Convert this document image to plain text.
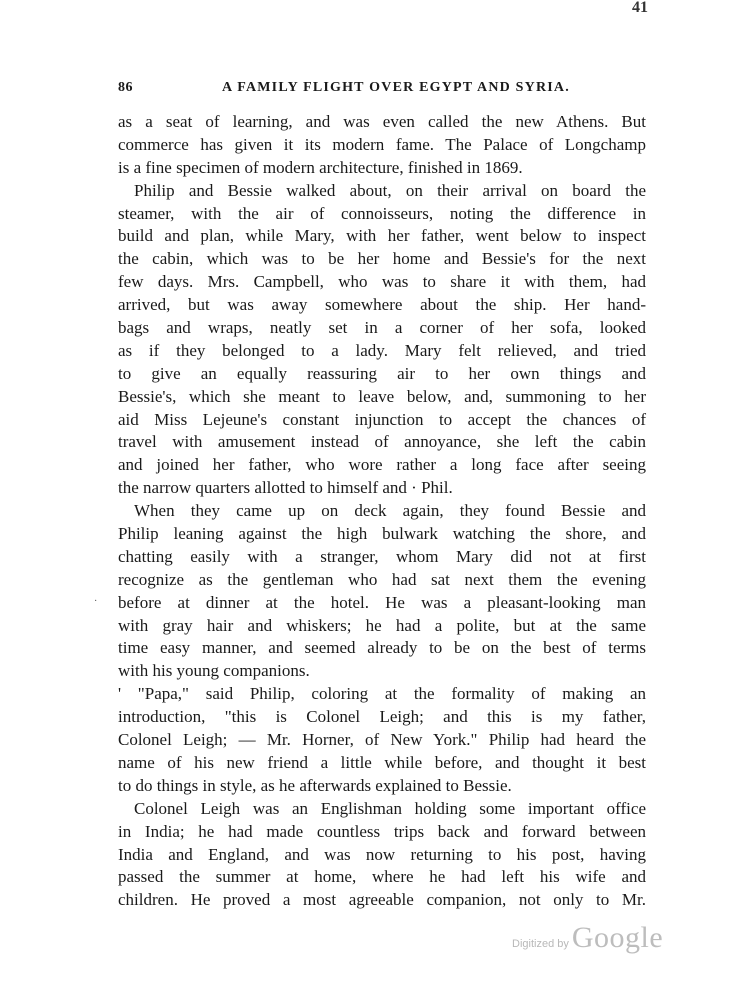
41
86	A FAMILY FLIGHT OVER EGYPT AND SYRIA.
·
as a seat of learning, and was even called the new Athens. But
commerce has given it its modern fame. The Palace of Longchamp
is a fine specimen of modern architecture, finished in 1869.
Philip and Bessie walked about, on their arrival on board the
steamer, with the air of connoisseurs, noting the difference in
build and plan, while Mary, with her father, went below to inspect
the cabin, which was to be her home and Bessie's for the next
few days. Mrs. Campbell, who was to share it with them, had
arrived, but was away somewhere about the ship. Her hand-
bags and wraps, neatly set in a corner of her sofa, looked
as if they belonged to a lady. Mary felt relieved, and tried
to give an equally reassuring air to her own things and
Bessie's, which she meant to leave below, and, summoning to her
aid Miss Lejeune's constant injunction to accept the chances of
travel with amusement instead of annoyance, she left the cabin
and joined her father, who wore rather a long face after seeing
the narrow quarters allotted to himself and · Phil.
When they came up on deck again, they found Bessie and
Philip leaning against the high bulwark watching the shore, and
chatting easily with a stranger, whom Mary did not at first
recognize as the gentleman who had sat next them the evening
before at dinner at the hotel. He was a pleasant-looking man
with gray hair and whiskers; he had a polite, but at the same
time easy manner, and seemed already to be on the best of terms
with his young companions.
' "Papa," said Philip, coloring at the formality of making an
introduction, "this is Colonel Leigh; and this is my father,
Colonel Leigh; — Mr. Horner, of New York." Philip had heard the
name of his new friend a little while before, and thought it best
to do things in style, as he afterwards explained to Bessie.
Colonel Leigh was an Englishman holding some important office
in India; he had made countless trips back and forward between
India and England, and was now returning to his post, having
passed the summer at home, where he had left his wife and
children. He proved a most agreeable companion, not only to Mr.
Digitized by Google
